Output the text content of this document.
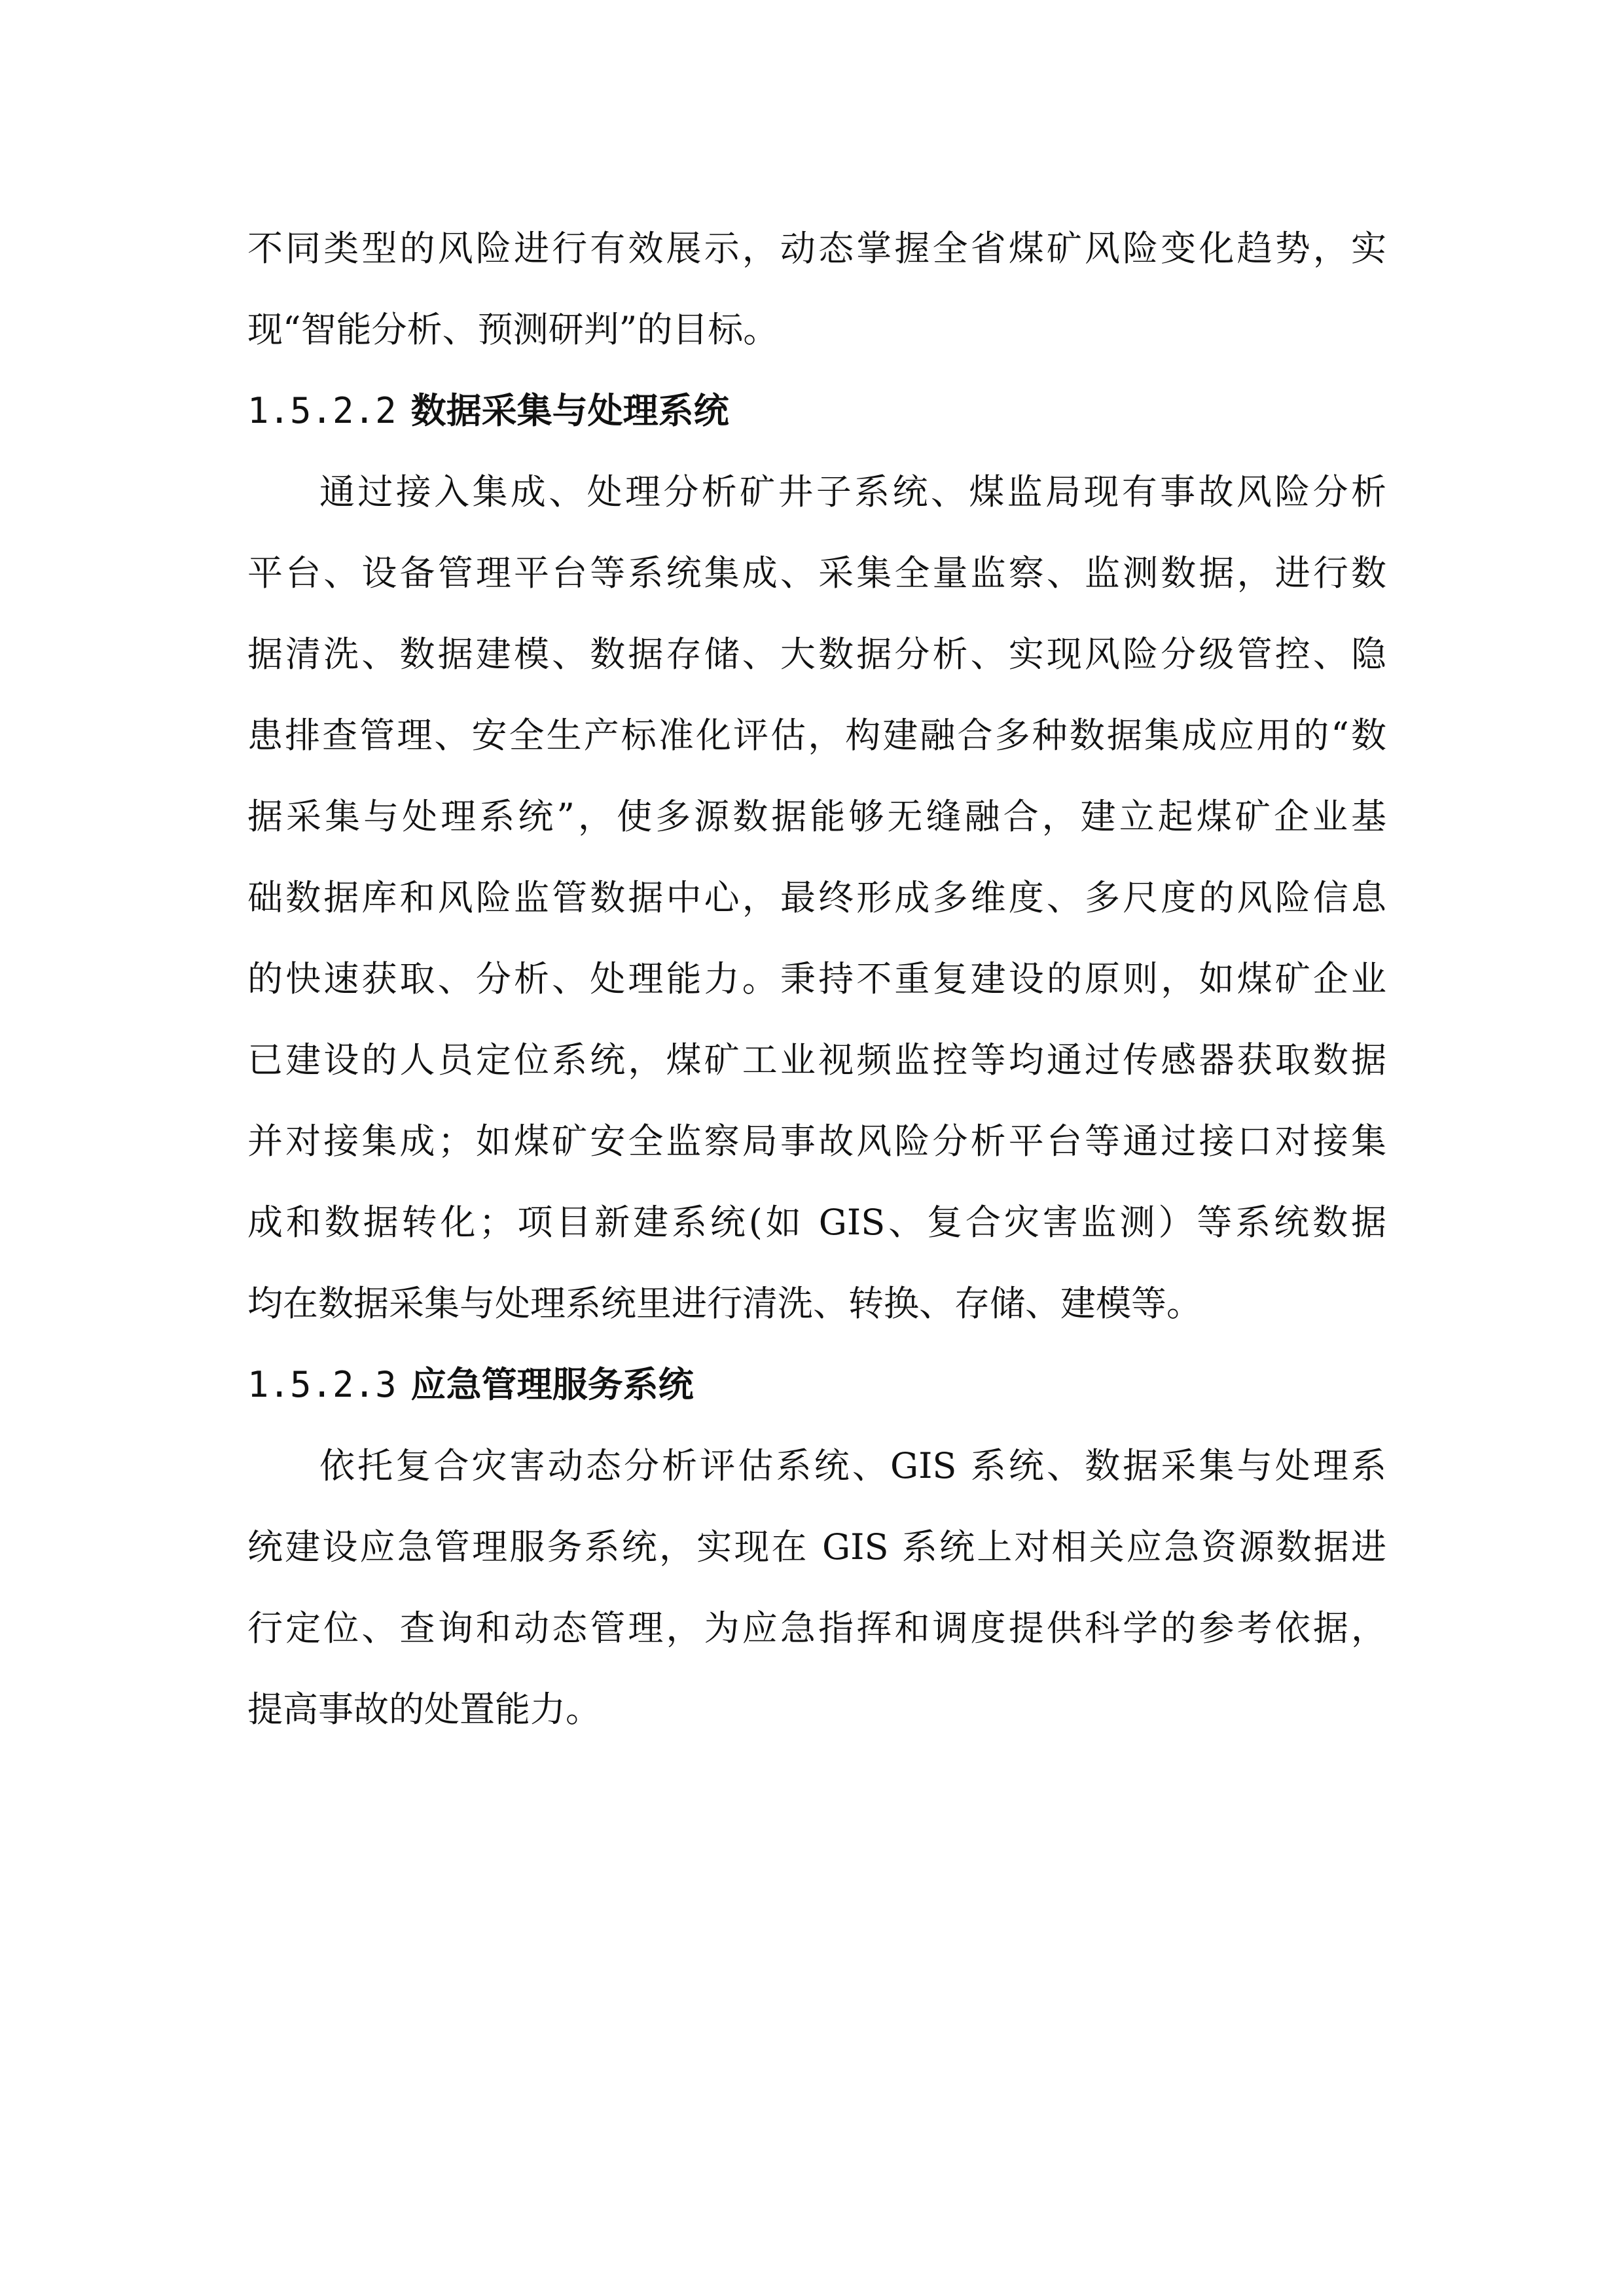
不同类型的风险进行有效展示，动态掌握全省煤矿风险变化趋势，实
现“智能分析、预测研判”的目标。
1.5.2.2 数据采集与处理系统
通过接入集成、处理分析矿井子系统、煤监局现有事故风险分析
平台、设备管理平台等系统集成、采集全量监察、监测数据，进行数
据清洗、数据建模、数据存储、大数据分析、实现风险分级管控、隐
患排查管理、安全生产标准化评估，构建融合多种数据集成应用的“数
据采集与处理系统”，使多源数据能够无缝融合，建立起煤矿企业基
础数据库和风险监管数据中心，最终形成多维度、多尺度的风险信息
的快速获取、分析、处理能力。秉持不重复建设的原则，如煤矿企业
已建设的人员定位系统，煤矿工业视频监控等均通过传感器获取数据
并对接集成；如煤矿安全监察局事故风险分析平台等通过接口对接集
成和数据转化；项目新建系统(如 GIS、复合灾害监测）等系统数据
均在数据采集与处理系统里进行清洗、转换、存储、建模等。
1.5.2.3 应急管理服务系统
依托复合灾害动态分析评估系统、GIS 系统、数据采集与处理系
统建设应急管理服务系统，实现在 GIS 系统上对相关应急资源数据进
行定位、查询和动态管理，为应急指挥和调度提供科学的参考依据，
提高事故的处置能力。
